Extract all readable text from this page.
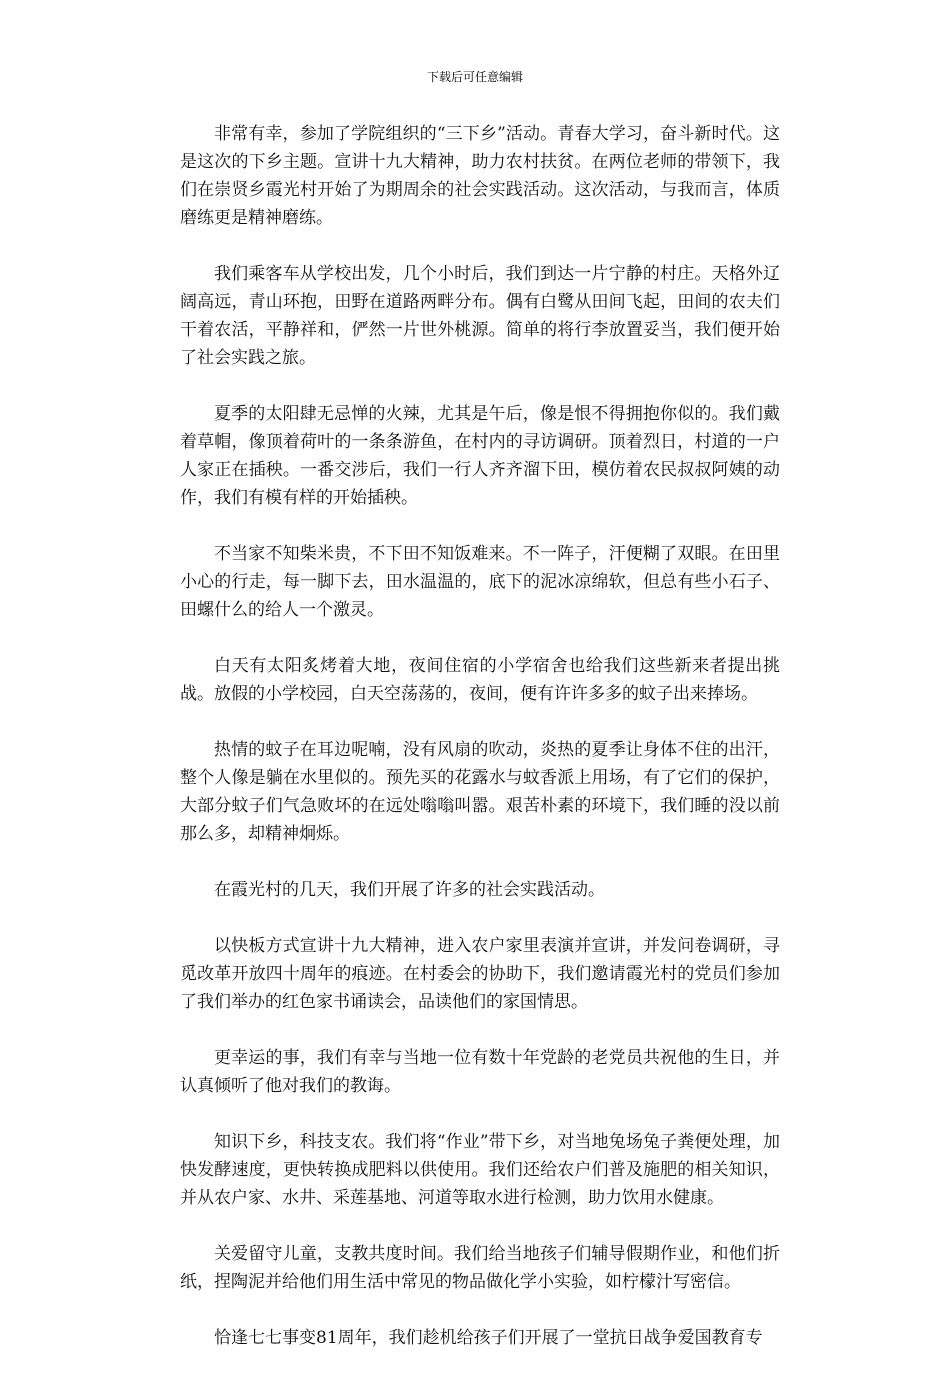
下载后可任意编辑

非常有幸，参加了学院组织的“三下乡”活动。青春大学习，奋斗新时代。这是这次的下乡主题。宣讲十九大精神，助力农村扶贫。在两位老师的带领下，我们在崇贤乡霞光村开始了为期周余的社会实践活动。这次活动，与我而言，体质磨练更是精神磨练。

我们乘客车从学校出发，几个小时后，我们到达一片宁静的村庄。天格外辽阔高远，青山环抱，田野在道路两畔分布。偶有白鹭从田间飞起，田间的农夫们干着农活，平静祥和，俨然一片世外桃源。简单的将行李放置妥当，我们便开始了社会实践之旅。

夏季的太阳肆无忌惮的火辣，尤其是午后，像是恨不得拥抱你似的。我们戴着草帽，像顶着荷叶的一条条游鱼，在村内的寻访调研。顶着烈日，村道的一户人家正在插秧。一番交涉后，我们一行人齐齐溜下田，模仿着农民叔叔阿姨的动作，我们有模有样的开始插秧。

不当家不知柴米贵，不下田不知饭难来。不一阵子，汗便糊了双眼。在田里小心的行走，每一脚下去，田水温温的，底下的泥冰凉绵软，但总有些小石子、田螺什么的给人一个激灵。

白天有太阳炙烤着大地，夜间住宿的小学宿舍也给我们这些新来者提出挑战。放假的小学校园，白天空荡荡的，夜间，便有许许多多的蚊子出来捧场。

热情的蚊子在耳边呢喃，没有风扇的吹动，炎热的夏季让身体不住的出汗，整个人像是躺在水里似的。预先买的花露水与蚊香派上用场，有了它们的保护，大部分蚊子们气急败坏的在远处嗡嗡叫嚣。艰苦朴素的环境下，我们睡的没以前那么多，却精神炯烁。

在霞光村的几天，我们开展了许多的社会实践活动。

以快板方式宣讲十九大精神，进入农户家里表演并宣讲，并发问卷调研，寻觅改革开放四十周年的痕迹。在村委会的协助下，我们邀请霞光村的党员们参加了我们举办的红色家书诵读会，品读他们的家国情思。

更幸运的事，我们有幸与当地一位有数十年党龄的老党员共祝他的生日，并认真倾听了他对我们的教诲。

知识下乡，科技支农。我们将“作业”带下乡，对当地兔场兔子粪便处理，加快发酵速度，更快转换成肥料以供使用。我们还给农户们普及施肥的相关知识，并从农户家、水井、采莲基地、河道等取水进行检测，助力饮用水健康。

关爱留守儿童，支教共度时间。我们给当地孩子们辅导假期作业，和他们折纸，捏陶泥并给他们用生活中常见的物品做化学小实验，如柠檬汁写密信。

恰逢七七事变81周年，我们趁机给孩子们开展了一堂抗日战争爱国教育专
